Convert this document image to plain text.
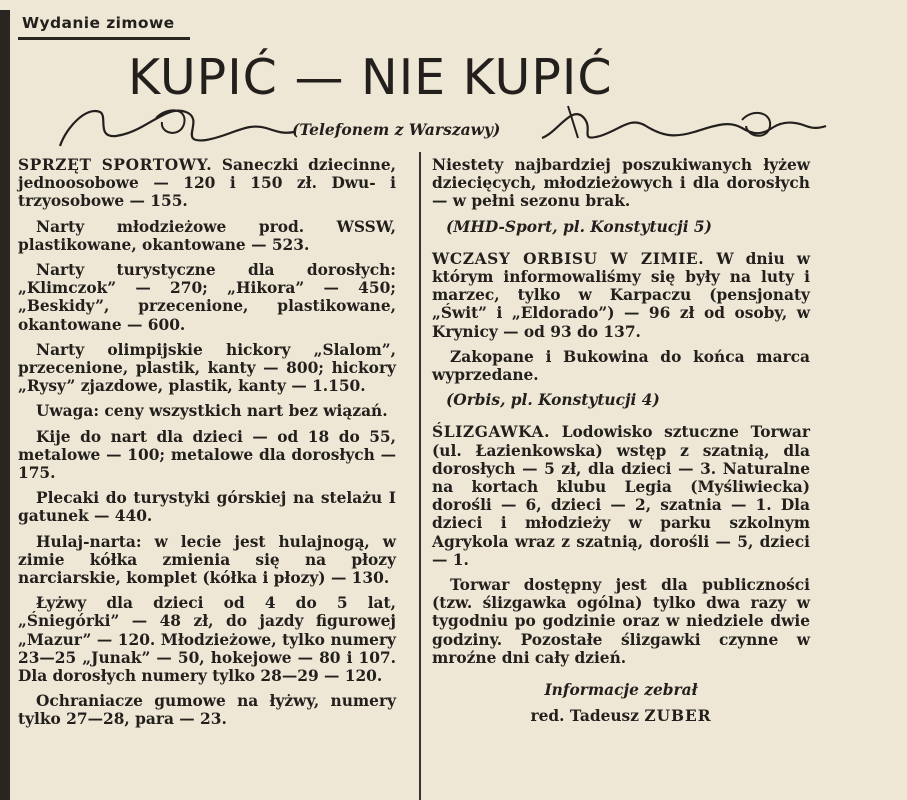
Wydanie zimowe
KUPIĆ — NIE KUPIĆ
(Telefonem z Warszawy)

SPRZĘT SPORTOWY. Saneczki dziecinne, jednoosobowe — 120 i 150 zł. Dwu- i trzyosobowe — 155.

Narty młodzieżowe prod. WSSW, plastikowane, okantowane — 523.

Narty turystyczne dla dorosłych: „Klimczok” — 270; „Hikora” — 450; „Beskidy”, przecenione, plastikowane, okantowane — 600.

Narty olimpijskie hickory „Slalom”, przecenione, plastik, kanty — 800; hickory „Rysy” zjazdowe, plastik, kanty — 1.150.

Uwaga: ceny wszystkich nart bez wiązań.

Kije do nart dla dzieci — od 18 do 55, metalowe — 100; metalowe dla dorosłych — 175.

Plecaki do turystyki górskiej na stelażu I gatunek — 440.

Hulaj-narta: w lecie jest hulajnogą, w zimie kółka zmienia się na płozy narciarskie, komplet (kółka i płozy) — 130.

Łyżwy dla dzieci od 4 do 5 lat, „Śniegórki” — 48 zł, do jazdy figurowej „Mazur” — 120. Młodzieżowe, tylko numery 23—25 „Junak” — 50, hokejowe — 80 i 107. Dla dorosłych numery tylko 28—29 — 120.

Ochraniacze gumowe na łyżwy, numery tylko 27—28, para — 23.

Niestety najbardziej poszukiwanych łyżew dziecięcych, młodzieżowych i dla dorosłych — w pełni sezonu brak.

(MHD-Sport, pl. Konstytucji 5)

WCZASY ORBISU W ZIMIE. W dniu w którym informowaliśmy się były na luty i marzec, tylko w Karpaczu (pensjonaty „Świt” i „Eldorado”) — 96 zł od osoby, w Krynicy — od 93 do 137.

Zakopane i Bukowina do końca marca wyprzedane.

(Orbis, pl. Konstytucji 4)

ŚLIZGAWKA. Lodowisko sztuczne Torwar (ul. Łazienkowska) wstęp z szatnią, dla dorosłych — 5 zł, dla dzieci — 3. Naturalne na kortach klubu Legia (Myśliwiecka) dorośli — 6, dzieci — 2, szatnia — 1. Dla dzieci i młodzieży w parku szkolnym Agrykola wraz z szatnią, dorośli — 5, dzieci — 1.

Torwar dostępny jest dla publiczności (tzw. ślizgawka ogólna) tylko dwa razy w tygodniu po godzinie oraz w niedziele dwie godziny. Pozostałe ślizgawki czynne w mroźne dni cały dzień.

Informacje zebrał

red. Tadeusz ZUBER
